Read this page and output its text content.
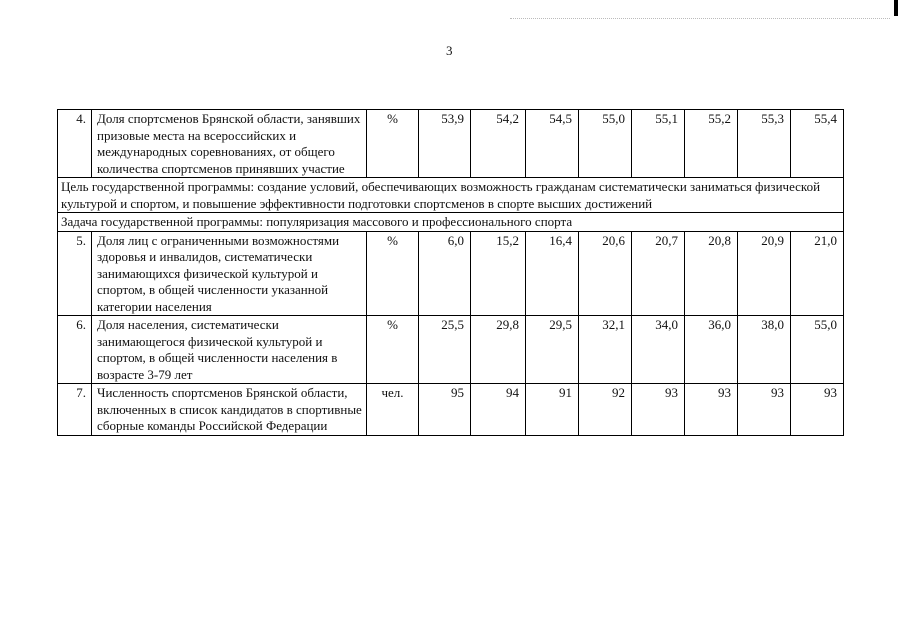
3
4.	Доля спортсменов Брянской области, занявших призовые места на всероссийских и международных соревнованиях, от общего количества спортсменов принявших участие	%	53,9	54,2	54,5	55,0	55,1	55,2	55,3	55,4
Цель государственной программы: создание условий, обеспечивающих возможность гражданам систематически заниматься физической культурой и спортом, и повышение эффективности подготовки спортсменов в спорте высших достижений										
Задача государственной программы: популяризация массового и профессионального спорта										
5.	Доля лиц с ограниченными возможностями здоровья и инвалидов, систематически занимающихся физической культурой и спортом, в общей численности указанной категории населения	%	6,0	15,2	16,4	20,6	20,7	20,8	20,9	21,0
6.	Доля населения, систематически занимающегося физической культурой и спортом, в общей численности населения в возрасте 3-79 лет	%	25,5	29,8	29,5	32,1	34,0	36,0	38,0	55,0
7.	Численность спортсменов Брянской области, включенных в список кандидатов в спортивные сборные команды Российской Федерации	чел.	95	94	91	92	93	93	93	93
